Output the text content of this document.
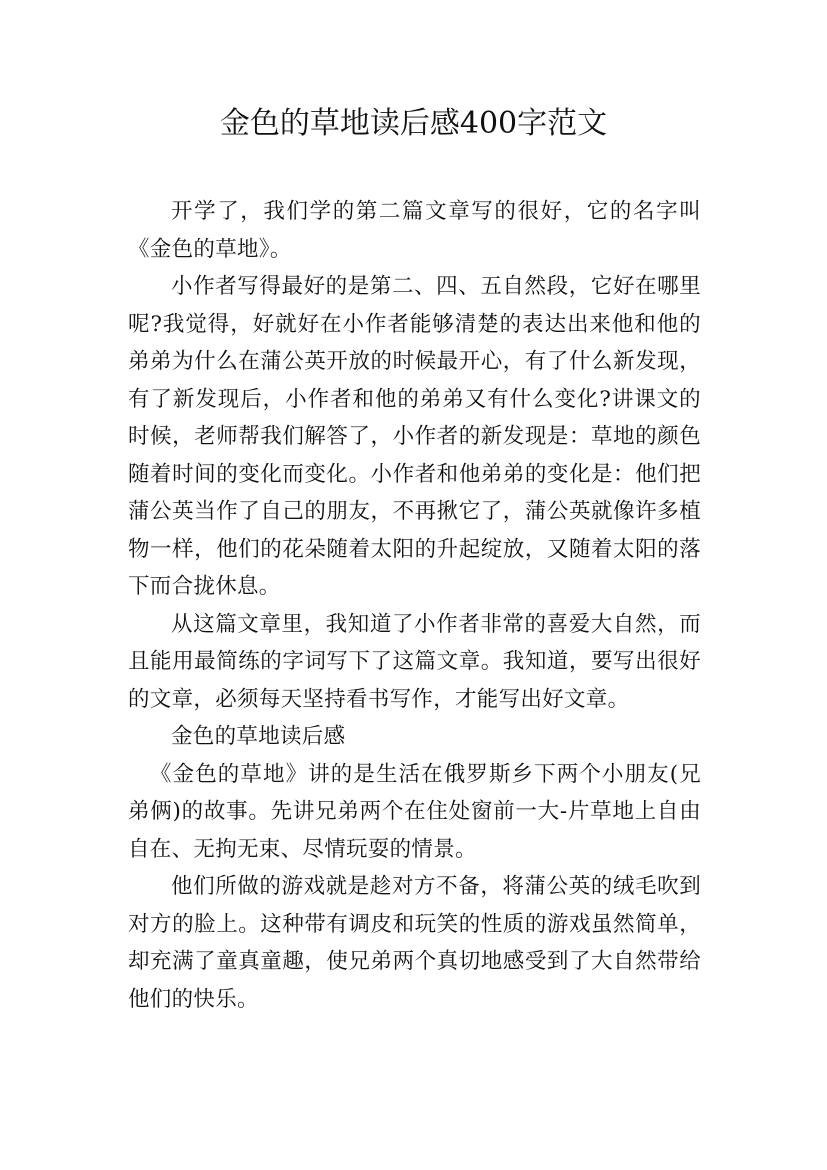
金色的草地读后感400字范文

开学了，我们学的第二篇文章写的很好，它的名字叫《金色的草地》。

小作者写得最好的是第二、四、五自然段，它好在哪里呢?我觉得，好就好在小作者能够清楚的表达出来他和他的弟弟为什么在蒲公英开放的时候最开心，有了什么新发现，有了新发现后，小作者和他的弟弟又有什么变化?讲课文的时候，老师帮我们解答了，小作者的新发现是：草地的颜色随着时间的变化而变化。小作者和他弟弟的变化是：他们把蒲公英当作了自己的朋友，不再揪它了，蒲公英就像许多植物一样，他们的花朵随着太阳的升起绽放，又随着太阳的落下而合拢休息。

从这篇文章里，我知道了小作者非常的喜爱大自然，而且能用最简练的字词写下了这篇文章。我知道，要写出很好的文章，必须每天坚持看书写作，才能写出好文章。

金色的草地读后感

《金色的草地》讲的是生活在俄罗斯乡下两个小朋友(兄弟俩)的故事。先讲兄弟两个在住处窗前一大-片草地上自由自在、无拘无束、尽情玩耍的情景。

他们所做的游戏就是趁对方不备，将蒲公英的绒毛吹到对方的脸上。这种带有调皮和玩笑的性质的游戏虽然简单，却充满了童真童趣，使兄弟两个真切地感受到了大自然带给他们的快乐。
